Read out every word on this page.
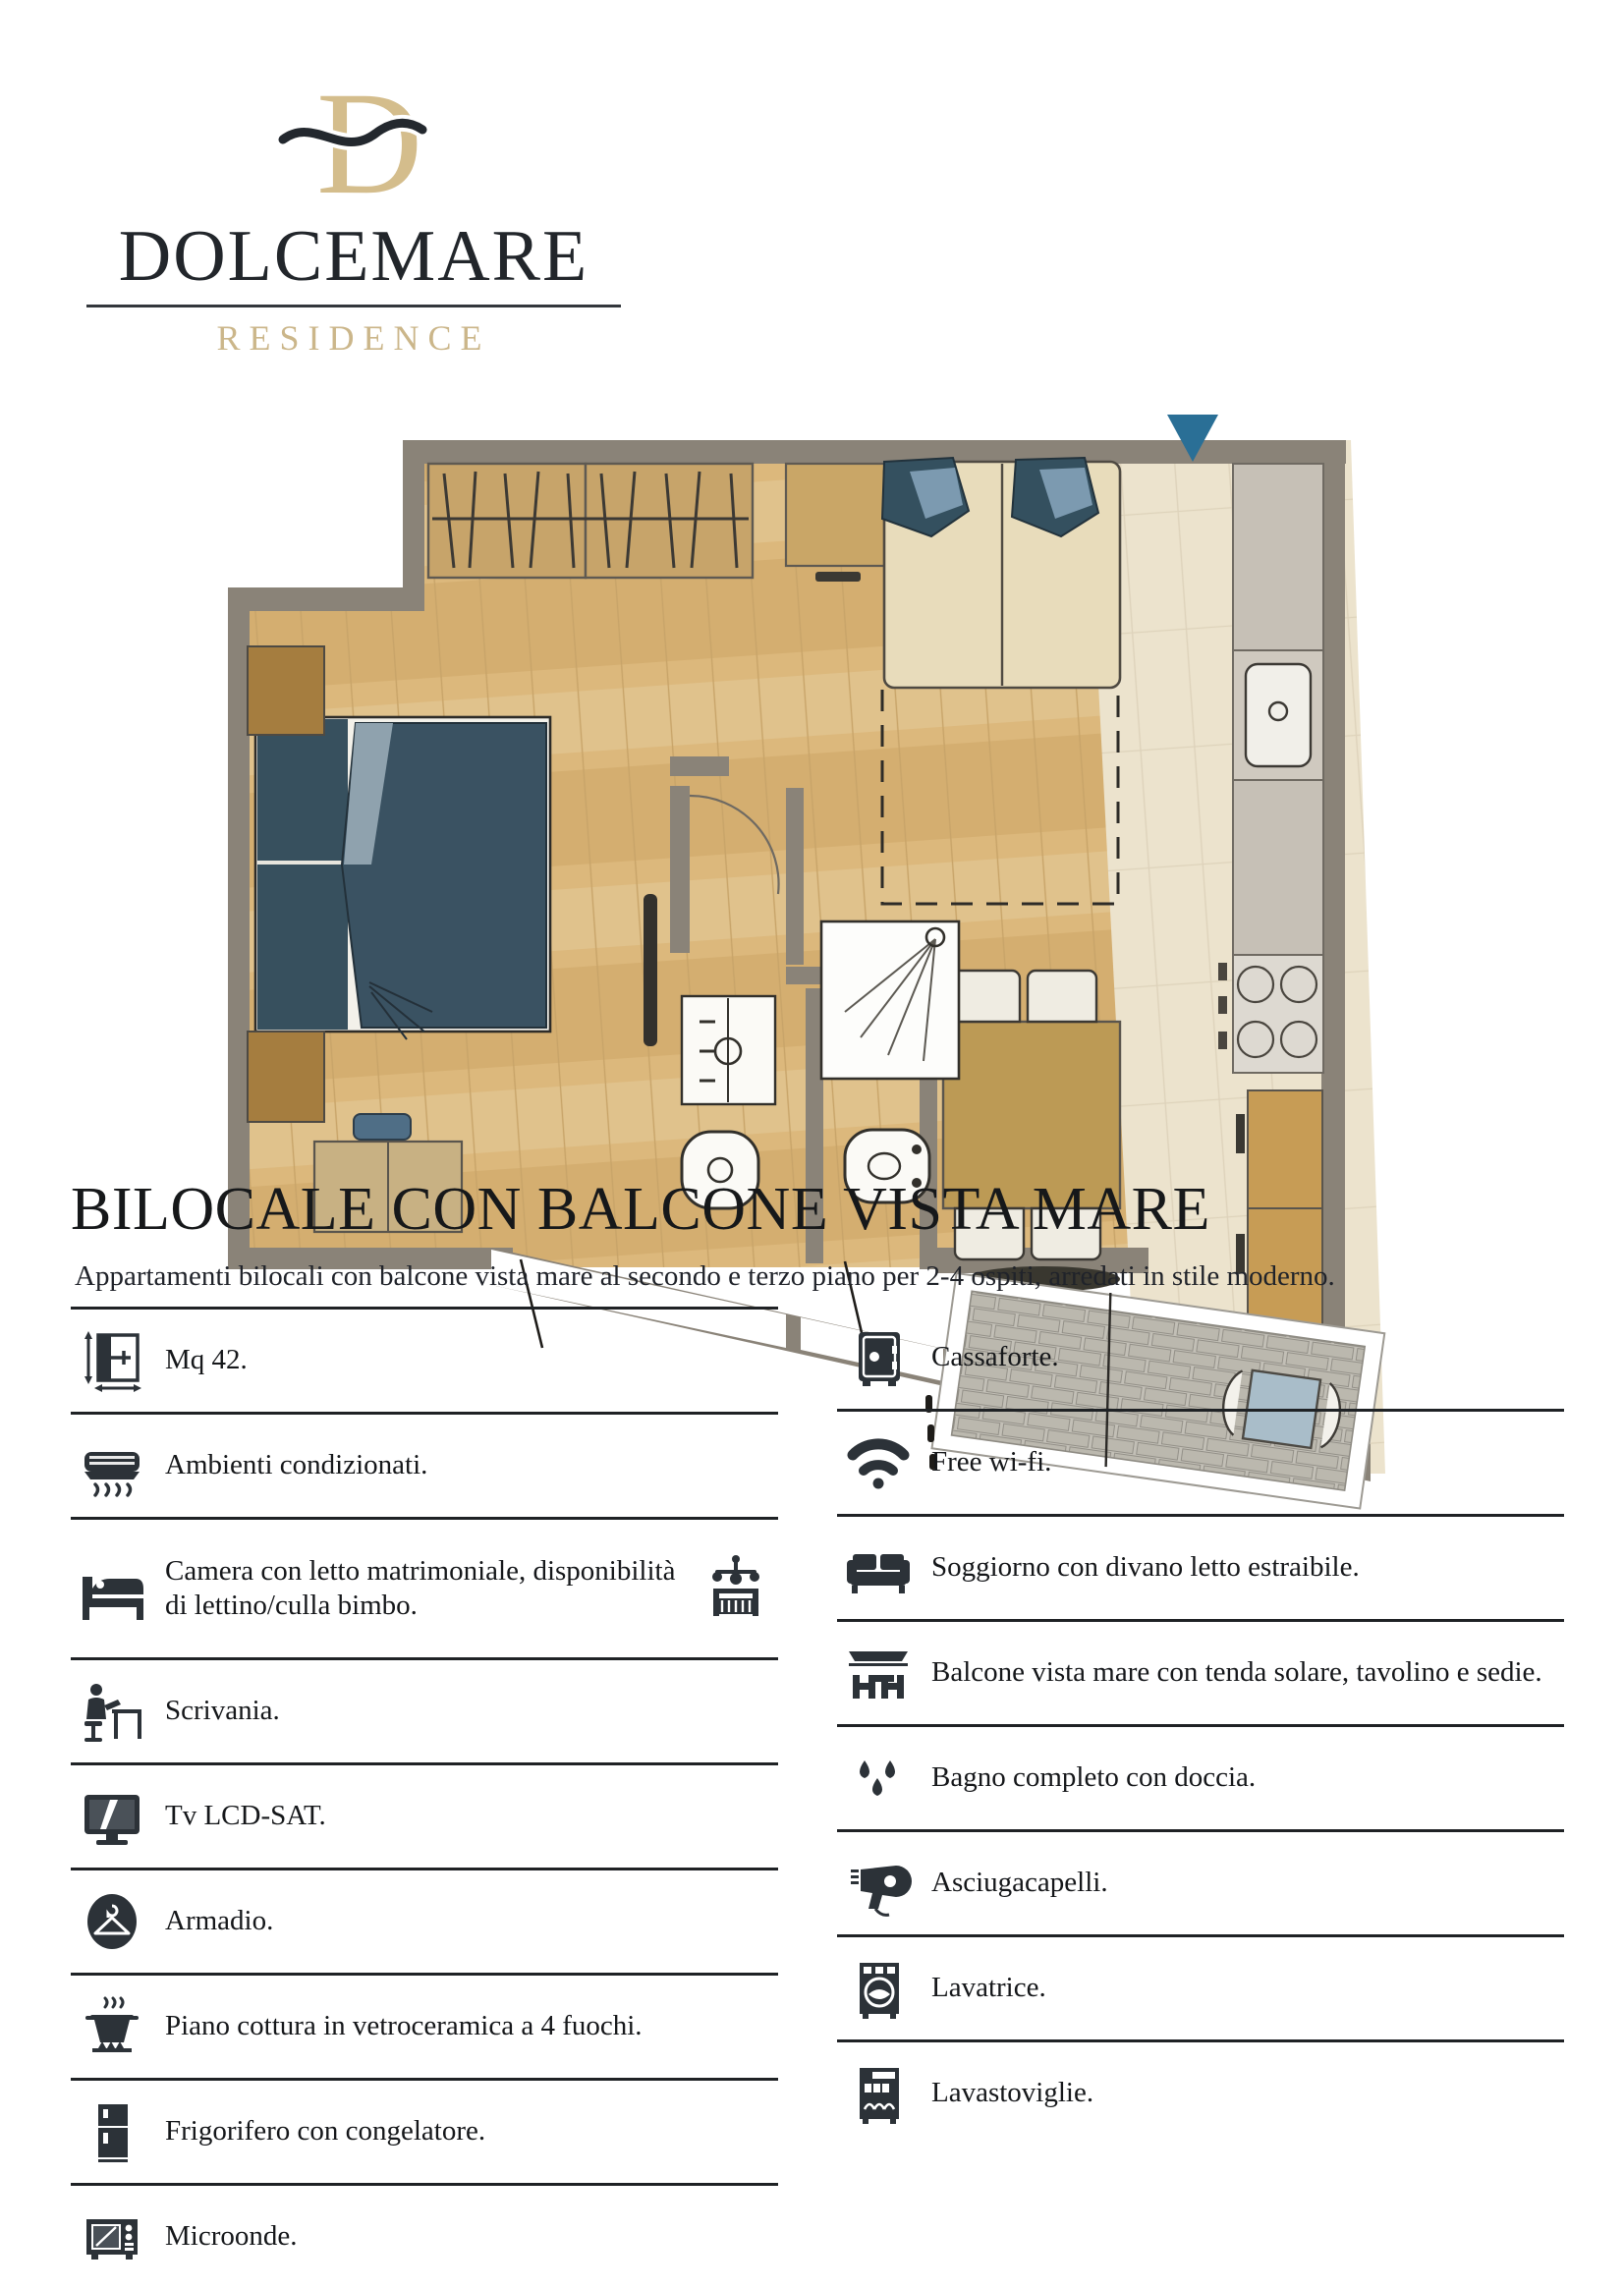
D
DOLCEMARE
RESIDENCE
BILOCALE CON BALCONE VISTA MARE
Appartamenti bilocali con balcone vista mare al secondo e terzo piano per 2-4 ospiti, arredati in stile moderno.
Mq 42.
Ambienti condizionati.
Camera con letto matrimoniale, disponibilità di lettino/culla bimbo.
Scrivania.
Tv LCD-SAT.
Armadio.
Piano cottura in vetroceramica a 4 fuochi.
Frigorifero con congelatore.
Microonde.
Cassaforte.
Free wi-fi.
Soggiorno con divano letto estraibile.
Balcone vista mare con tenda solare, tavolino e sedie.
Bagno completo con doccia.
Asciugacapelli.
Lavatrice.
Lavastoviglie.
